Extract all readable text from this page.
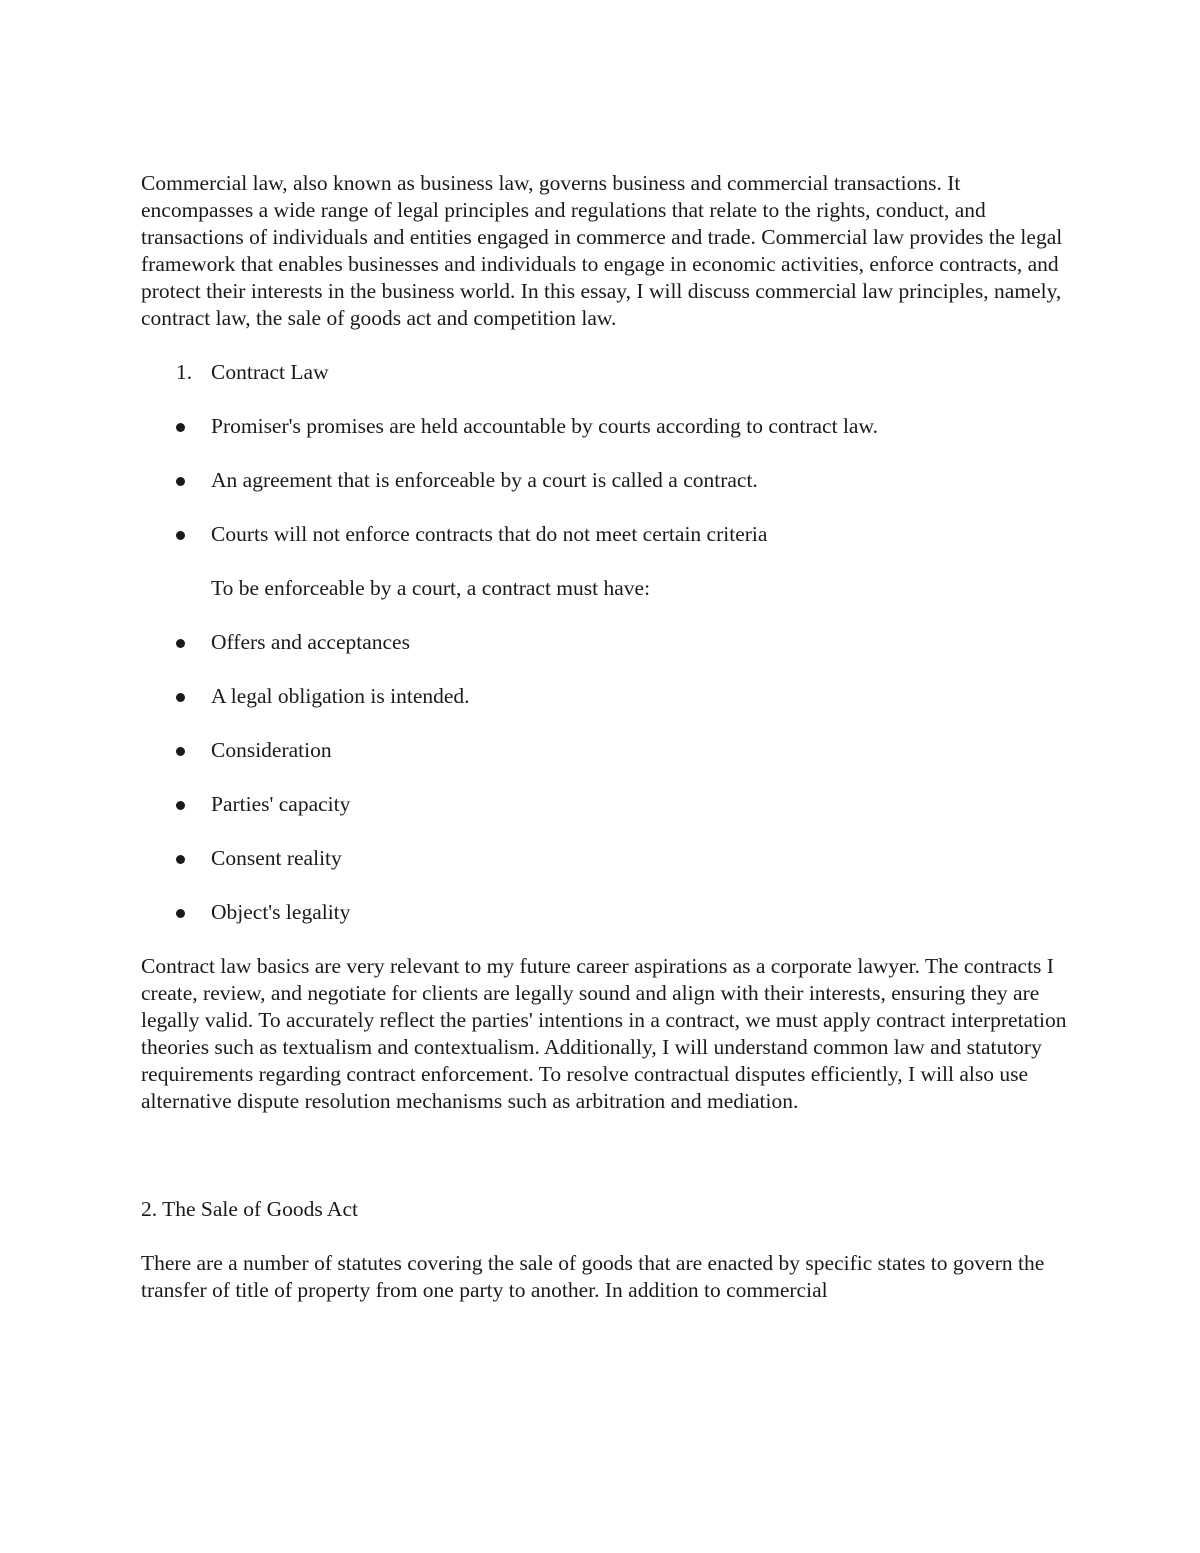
Commercial law, also known as business law, governs business and commercial transactions. It encompasses a wide range of legal principles and regulations that relate to the rights, conduct, and transactions of individuals and entities engaged in commerce and trade. Commercial law provides the legal framework that enables businesses and individuals to engage in economic activities, enforce contracts, and protect their interests in the business world. In this essay, I will discuss commercial law principles, namely, contract law, the sale of goods act and competition law.

1. Contract Law
Promiser's promises are held accountable by courts according to contract law.
An agreement that is enforceable by a court is called a contract.
Courts will not enforce contracts that do not meet certain criteria

To be enforceable by a court, a contract must have:

Offers and acceptances
A legal obligation is intended.
Consideration
Parties' capacity
Consent reality
Object's legality

Contract law basics are very relevant to my future career aspirations as a corporate lawyer. The contracts I create, review, and negotiate for clients are legally sound and align with their interests, ensuring they are legally valid. To accurately reflect the parties' intentions in a contract, we must apply contract interpretation theories such as textualism and contextualism. Additionally, I will understand common law and statutory requirements regarding contract enforcement. To resolve contractual disputes efficiently, I will also use alternative dispute resolution mechanisms such as arbitration and mediation.

2. The Sale of Goods Act

There are a number of statutes covering the sale of goods that are enacted by specific states to govern the transfer of title of property from one party to another. In addition to commercial
